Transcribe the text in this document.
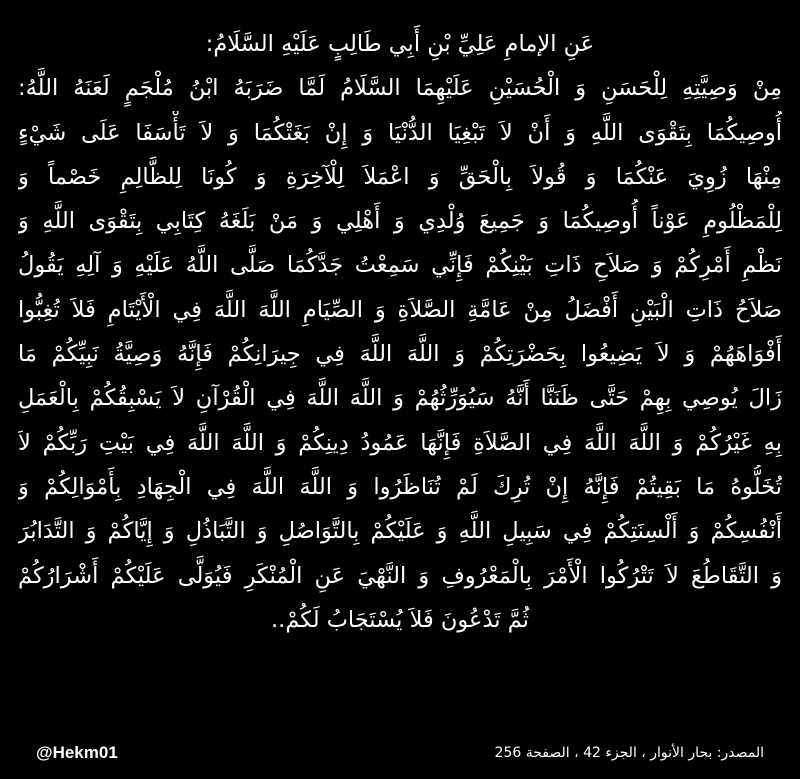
عَنِ الإمامِ عَلِيِّ بْنِ أَبِي طَالِبٍ عَلَيْهِ السَّلَامُ:
مِنْ وَصِيَّتِهِ لِلْحَسَنِ وَ الْحُسَيْنِ عَلَيْهِمَا السَّلَامُ لَمَّا ضَرَبَهُ ابْنُ مُلْجَمٍ لَعَنَهُ اللَّهُ:
أُوصِيكُمَا بِتَقْوَى اللَّهِ وَ أَنْ لاَ تَبْغِيَا الدُّنْيَا وَ إِنْ بَغَتْكُمَا وَ لاَ تَأْسَفَا عَلَى شَيْءٍ
مِنْهَا زُوِيَ عَنْكُمَا وَ قُولاَ بِالْحَقِّ وَ اعْمَلاَ لِلْآخِرَةِ وَ كُونَا لِلظَّالِمِ خَصْماً وَ
لِلْمَظْلُومِ عَوْناً أُوصِيكُمَا وَ جَمِيعَ وُلْدِي وَ أَهْلِي وَ مَنْ بَلَغَهُ كِتَابِي بِتَقْوَى اللَّهِ وَ
نَظْمِ أَمْرِكُمْ وَ صَلاَحِ ذَاتِ بَيْنِكُمْ فَإِنِّي سَمِعْتُ جَدَّكُمَا صَلَّى اللَّهُ عَلَيْهِ وَ آلِهِ يَقُولُ
صَلاَحُ ذَاتِ الْبَيْنِ أَفْضَلُ مِنْ عَامَّةِ الصَّلاَةِ وَ الصِّيَامِ اللَّهَ اللَّهَ فِي الْأَيْتَامِ فَلاَ تُغِبُّوا
أَفْوَاهَهُمْ وَ لاَ يَضِيعُوا بِحَضْرَتِكُمْ وَ اللَّهَ اللَّهَ فِي جِيرَانِكُمْ فَإِنَّهُ وَصِيَّةُ نَبِيِّكُمْ مَا
زَالَ يُوصِي بِهِمْ حَتَّى ظَنَنَّا أَنَّهُ سَيُوَرِّثُهُمْ وَ اللَّهَ اللَّهَ فِي الْقُرْآنِ لاَ يَسْبِقُكُمْ بِالْعَمَلِ
بِهِ غَيْرُكُمْ وَ اللَّهَ اللَّهَ فِي الصَّلاَةِ فَإِنَّهَا عَمُودُ دِينِكُمْ وَ اللَّهَ اللَّهَ فِي بَيْتِ رَبِّكُمْ لاَ
تُخَلُّوهُ مَا بَقِيتُمْ فَإِنَّهُ إِنْ تُرِكَ لَمْ تُنَاظَرُوا وَ اللَّهَ اللَّهَ فِي الْجِهَادِ بِأَمْوَالِكُمْ وَ
أَنْفُسِكُمْ وَ أَلْسِنَتِكُمْ فِي سَبِيلِ اللَّهِ وَ عَلَيْكُمْ بِالتَّوَاصُلِ وَ التَّبَاذُلِ وَ إِيَّاكُمْ وَ التَّدَابُرَ
وَ التَّقَاطُعَ لاَ تَتْرُكُوا الْأَمْرَ بِالْمَعْرُوفِ وَ النَّهْيَ عَنِ الْمُنْكَرِ فَيُوَلَّى عَلَيْكُمْ أَشْرَارُكُمْ
ثُمَّ تَدْعُونَ فَلاَ يُسْتَجَابُ لَكُمْ..
@Hekm01	المصدر: بحار الأنوار ، الجزء 42 ، الصفحة 256
